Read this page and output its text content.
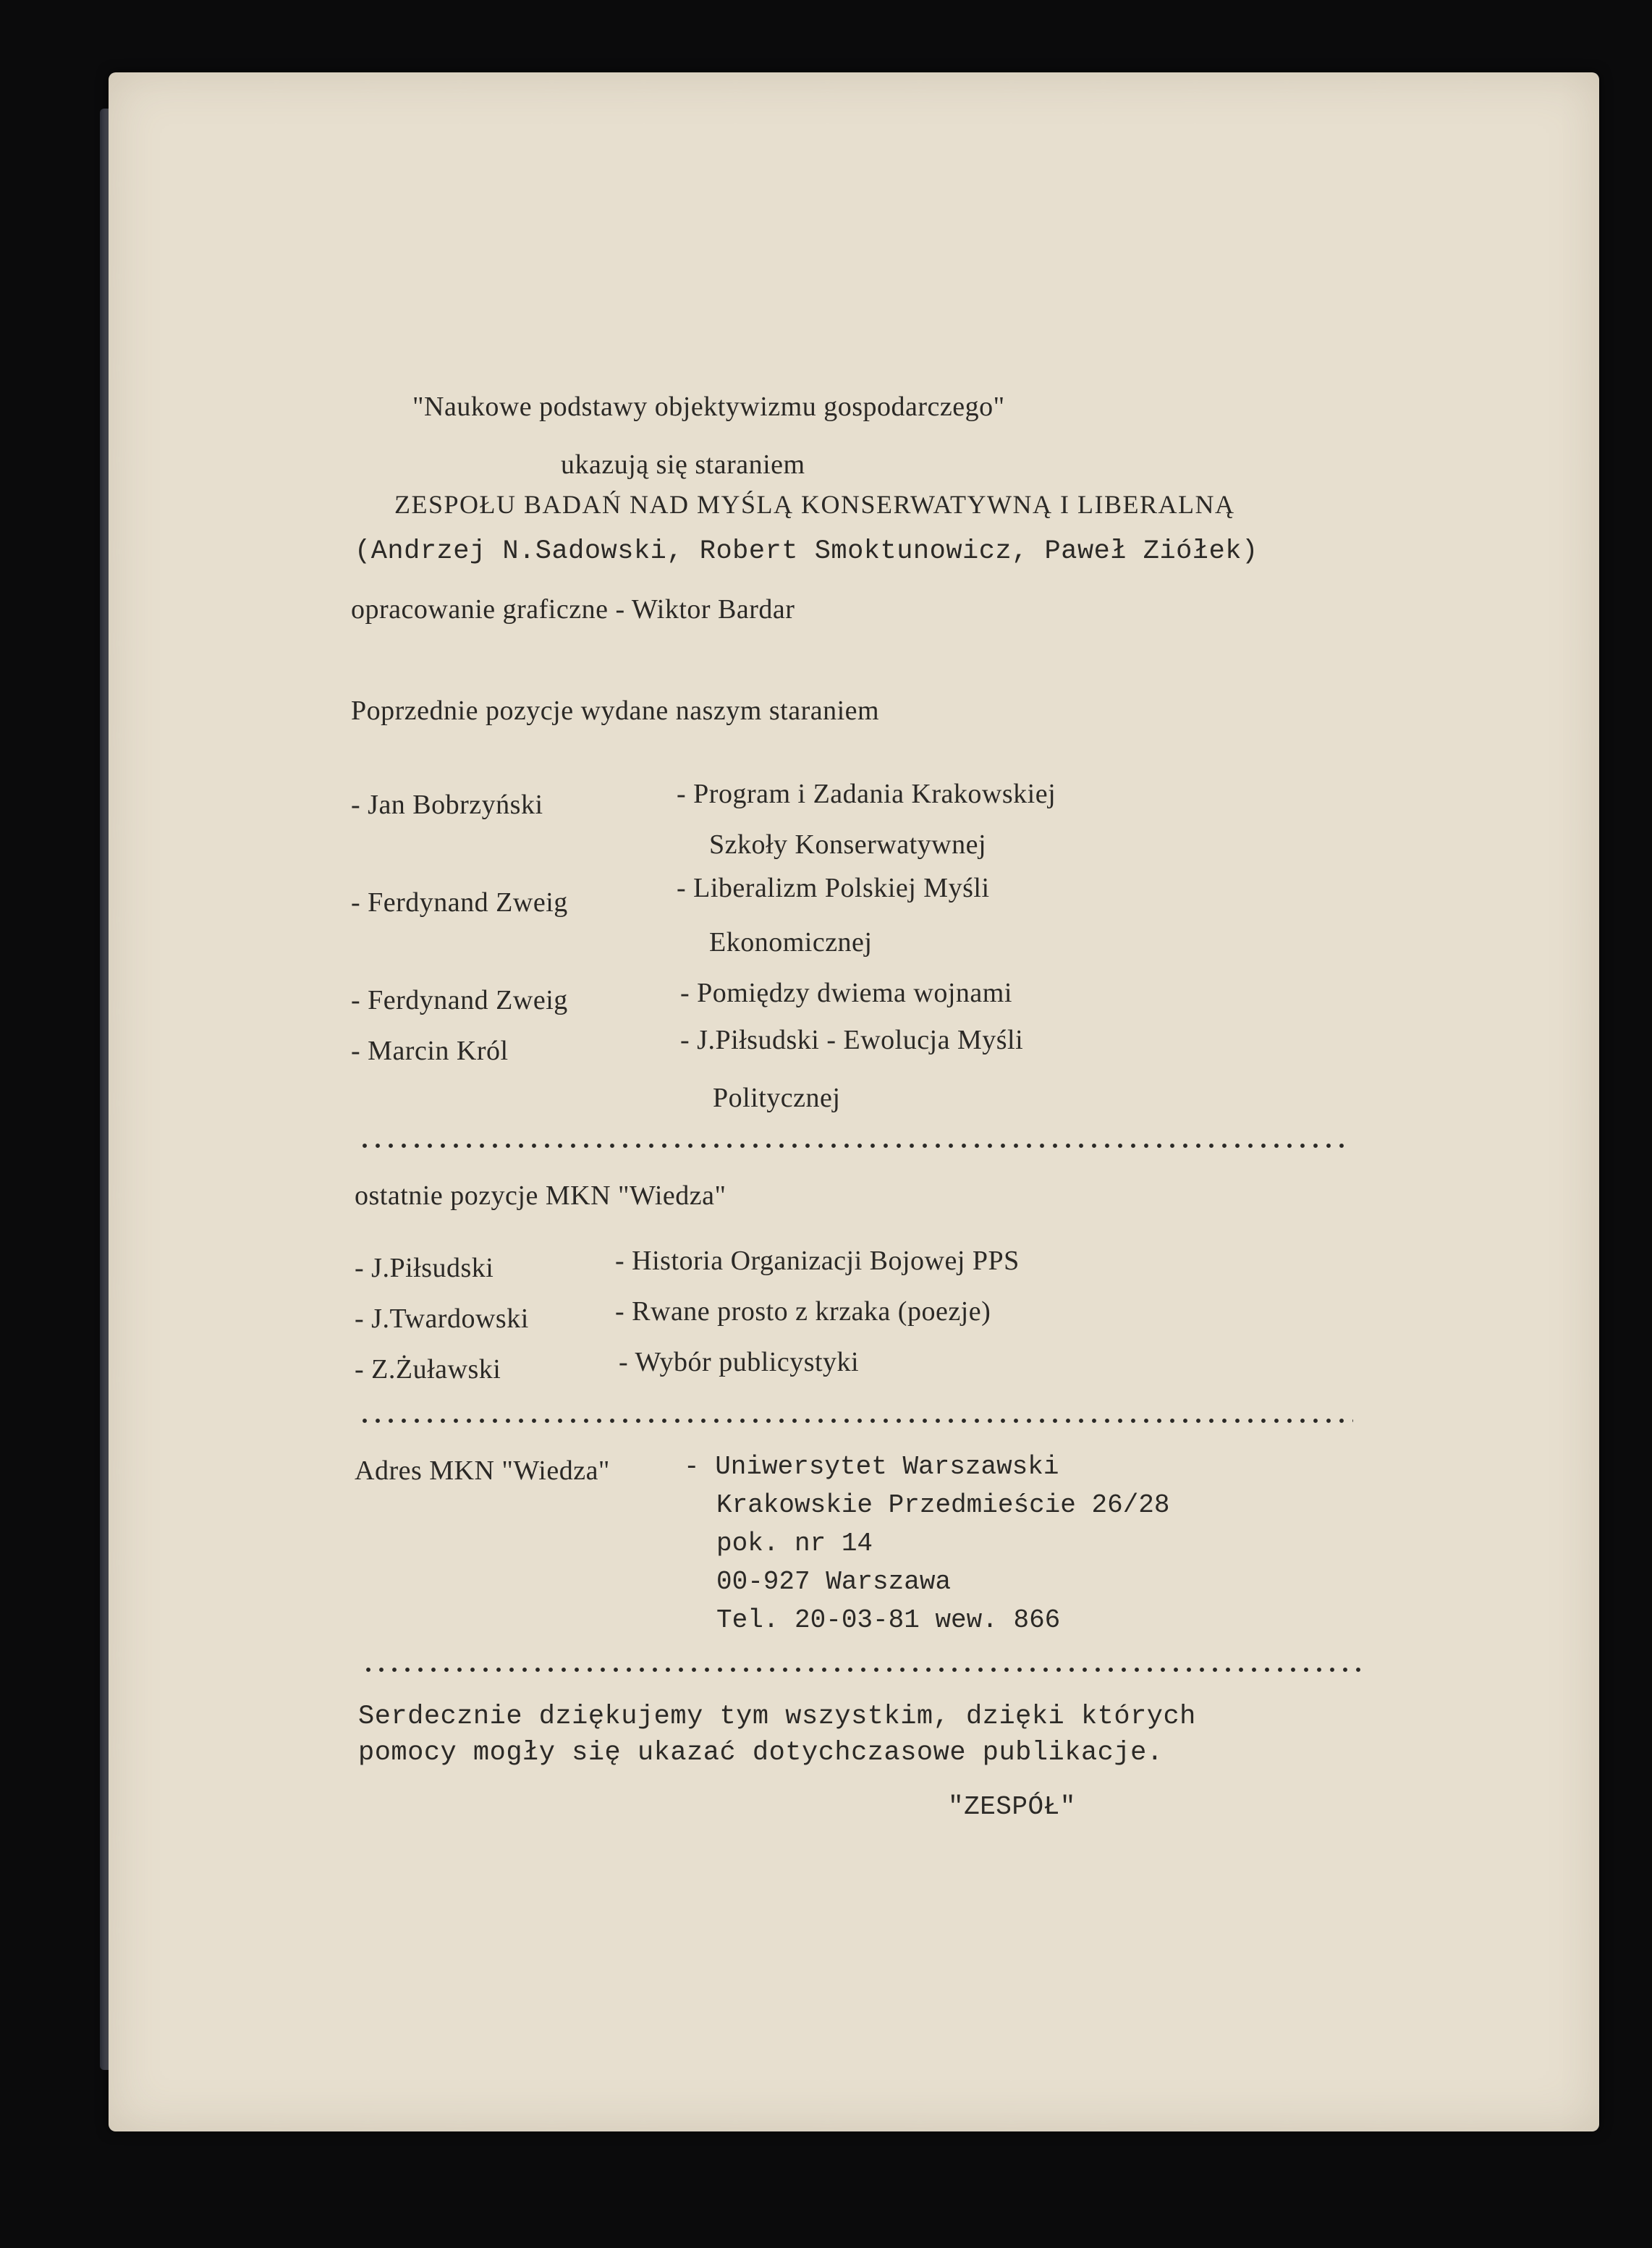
"Naukowe podstawy objektywizmu gospodarczego"
ukazują się staraniem
ZESPOŁU BADAŃ NAD MYŚLĄ KONSERWATYWNĄ I LIBERALNĄ
(Andrzej N.Sadowski, Robert Smoktunowicz, Paweł Ziółek)
opracowanie graficzne - Wiktor Bardar
Poprzednie pozycje wydane naszym staraniem
- Jan Bobrzyński	- Program i Zadania Krakowskiej
Szkoły Konserwatywnej
- Ferdynand Zweig	- Liberalizm Polskiej Myśli
Ekonomicznej
- Ferdynand Zweig	- Pomiędzy dwiema wojnami
- Marcin Król	- J.Piłsudski - Ewolucja Myśli
Politycznej
ostatnie pozycje MKN "Wiedza"
- J.Piłsudski	- Historia Organizacji Bojowej PPS
- J.Twardowski	- Rwane prosto z krzaka (poezje)
- Z.Żuławski	- Wybór publicystyki
Adres MKN "Wiedza"	- Uniwersytet Warszawski
Krakowskie Przedmieście 26/28
pok. nr 14
00-927 Warszawa
Tel. 20-03-81 wew. 866
Serdecznie dziękujemy tym wszystkim, dzięki których
pomocy mogły się ukazać dotychczasowe publikacje.
"ZESPÓŁ"
